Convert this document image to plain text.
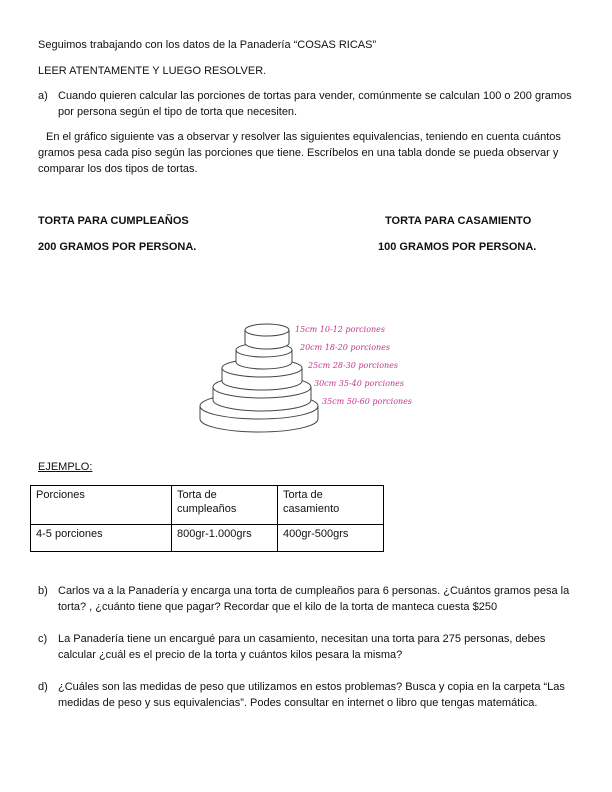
Seguimos trabajando con los datos de la Panadería “COSAS RICAS”
LEER ATENTAMENTE Y LUEGO RESOLVER.
a) Cuando quieren calcular las porciones de tortas para vender, comúnmente se calculan 100 o 200 gramos por persona según el tipo de torta que necesiten.
En el gráfico siguiente vas a observar y resolver las siguientes equivalencias, teniendo en cuenta cuántos gramos pesa cada piso según las porciones que tiene. Escríbelos en una tabla donde se pueda observar y comparar los dos tipos de tortas.
TORTA PARA CUMPLEAÑOS
200 GRAMOS POR PERSONA.
TORTA PARA CASAMIENTO
100 GRAMOS POR PERSONA.
15cm 10-12 porciones
20cm 18-20 porciones
25cm 28-30 porciones
30cm 35-40 porciones
35cm 50-60 porciones
EJEMPLO:
Porciones	Torta de cumpleaños	Torta de casamiento
4-5 porciones	800gr-1.000grs	400gr-500grs
b) Carlos va a la Panadería y encarga una torta de cumpleaños para 6 personas. ¿Cuántos gramos pesa la torta? , ¿cuánto tiene que pagar? Recordar que el kilo de la torta de manteca cuesta $250
c) La Panadería tiene un encargué para un casamiento, necesitan una torta para 275 personas, debes calcular ¿cuál es el precio de la torta y cuántos kilos pesara la misma?
d) ¿Cuáles son las medidas de peso que utilizamos en estos problemas? Busca y copia en la carpeta “Las medidas de peso y sus equivalencias”. Podes consultar en internet o libro que tengas matemática.
